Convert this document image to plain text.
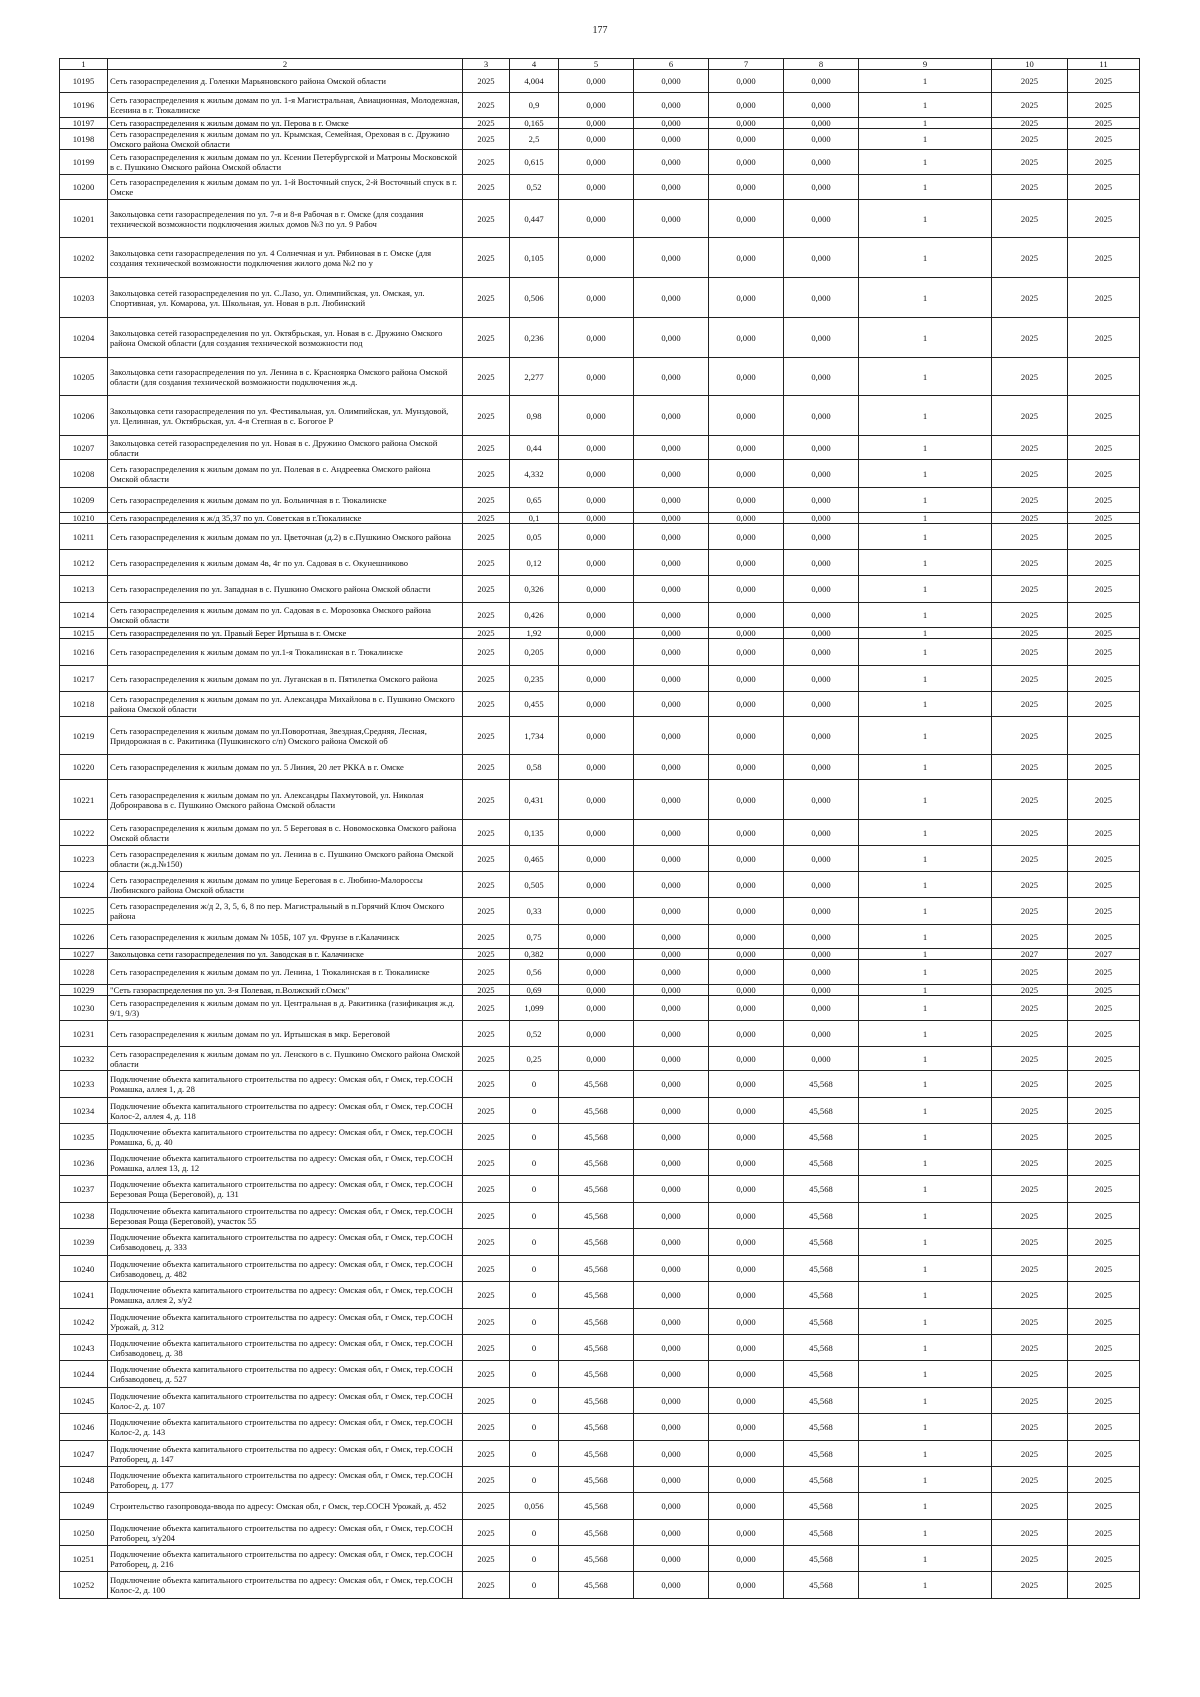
177
1	2	3	4	5	6	7	8	9	10	11
10195	Сеть газораспределения д. Голенки Марьяновского района Омской области	2025	4,004	0,000	0,000	0,000	0,000	1	2025	2025
10196	Сеть газораспределения к жилым домам по ул. 1-я Магистральная, Авиационная, Молодежная, Есенина в г. Тюкалинске	2025	0,9	0,000	0,000	0,000	0,000	1	2025	2025
10197	Сеть газораспределения к жилым домам по ул. Перова в г. Омске	2025	0,165	0,000	0,000	0,000	0,000	1	2025	2025
10198	Сеть газораспределения к жилым домам по ул. Крымская, Семейная, Ореховая в с. Дружино Омского района Омской области	2025	2,5	0,000	0,000	0,000	0,000	1	2025	2025
10199	Сеть газораспределения к жилым домам по ул. Ксении Петербургской и Матроны Московской в с. Пушкино Омского района Омской области	2025	0,615	0,000	0,000	0,000	0,000	1	2025	2025
10200	Сеть газораспределения к жилым домам по ул. 1-й Восточный спуск, 2-й Восточный спуск в г. Омске	2025	0,52	0,000	0,000	0,000	0,000	1	2025	2025
10201	Закольцовка сети газораспределения по ул. 7-я и 8-я Рабочая в г. Омске (для создания технической возможности подключения жилых домов №3 по ул. 9 Рабоч	2025	0,447	0,000	0,000	0,000	0,000	1	2025	2025
10202	Закольцовка сети газораспределения по ул. 4 Солнечная и ул. Рябиновая в г. Омске (для создания технической возможности подключения жилого дома №2 по у	2025	0,105	0,000	0,000	0,000	0,000	1	2025	2025
10203	Закольцовка сетей газораспределения по ул. С.Лазо, ул. Олимпийская, ул. Омская, ул. Спортивная, ул. Комарова, ул. Школьная, ул. Новая в р.п. Любинский	2025	0,506	0,000	0,000	0,000	0,000	1	2025	2025
10204	Закольцовка сетей газораспределения по ул. Октябрьская, ул. Новая в с. Дружино Омского района Омской области (для создания технической возможности под	2025	0,236	0,000	0,000	0,000	0,000	1	2025	2025
10205	Закольцовка сети газораспределения по ул. Ленина в с. Красноярка Омского района Омской области (для создания технической возможности подключения ж.д.	2025	2,277	0,000	0,000	0,000	0,000	1	2025	2025
10206	Закольцовка сети газораспределения по ул. Фестивальная, ул. Олимпийская, ул. Мунздовой, ул. Целинная, ул. Октябрьская, ул. 4-я Степная в с. Богогое Р	2025	0,98	0,000	0,000	0,000	0,000	1	2025	2025
10207	Закольцовка сетей газораспределения по ул. Новая в с. Дружино Омского района Омской области	2025	0,44	0,000	0,000	0,000	0,000	1	2025	2025
10208	Сеть газораспределения к жилым домам по ул. Полевая в с. Андреевка Омского района Омской области	2025	4,332	0,000	0,000	0,000	0,000	1	2025	2025
10209	Сеть газораспределения к жилым домам по ул. Больничная в г. Тюкалинске	2025	0,65	0,000	0,000	0,000	0,000	1	2025	2025
10210	Сеть газораспределения к ж/д 35,37 по ул. Советская в г.Тюкалинске	2025	0,1	0,000	0,000	0,000	0,000	1	2025	2025
10211	Сеть газораспределения к жилым домам по ул. Цветочная (д.2) в с.Пушкино Омского района	2025	0,05	0,000	0,000	0,000	0,000	1	2025	2025
10212	Сеть газораспределения к жилым домам 4в, 4г по ул. Садовая в с. Окунешниково	2025	0,12	0,000	0,000	0,000	0,000	1	2025	2025
10213	Сеть газораспределения по ул. Западная в с. Пушкино Омского района Омской области	2025	0,326	0,000	0,000	0,000	0,000	1	2025	2025
10214	Сеть газораспределения к жилым домам по ул. Садовая в с. Морозовка Омского района Омской области	2025	0,426	0,000	0,000	0,000	0,000	1	2025	2025
10215	Сеть газораспределения по ул. Правый Берег Иртыша в г. Омске	2025	1,92	0,000	0,000	0,000	0,000	1	2025	2025
10216	Сеть газораспределения к жилым домам по ул.1-я Тюкалинская в г. Тюкалинске	2025	0,205	0,000	0,000	0,000	0,000	1	2025	2025
10217	Сеть газораспределения к жилым домам по ул. Луганская в п. Пятилетка Омского района	2025	0,235	0,000	0,000	0,000	0,000	1	2025	2025
10218	Сеть газораспределения к жилым домам по ул. Александра Михайлова в с. Пушкино Омского района Омской области	2025	0,455	0,000	0,000	0,000	0,000	1	2025	2025
10219	Сеть газораспределения к жилым домам по ул.Поворотная, Звездная,Средняя, Лесная, Придорожная в с. Ракитинка (Пушкинского с/п) Омского района Омской об	2025	1,734	0,000	0,000	0,000	0,000	1	2025	2025
10220	Сеть газораспределения к жилым домам по ул. 5 Линия, 20 лет РККА в г. Омске	2025	0,58	0,000	0,000	0,000	0,000	1	2025	2025
10221	Сеть газораспределения к жилым домам по ул. Александры Пахмутовой, ул. Николая Добронравова в с. Пушкино Омского района Омской области	2025	0,431	0,000	0,000	0,000	0,000	1	2025	2025
10222	Сеть газораспределения к жилым домам по ул. 5 Береговая в с. Новомосковка Омского района Омской области	2025	0,135	0,000	0,000	0,000	0,000	1	2025	2025
10223	Сеть газораспределения к жилым домам по ул. Ленина в с. Пушкино Омского района Омской области (ж.д.№150)	2025	0,465	0,000	0,000	0,000	0,000	1	2025	2025
10224	Сеть газораспределения к жилым домам по улице Береговая в с. Любино-Малороссы Любинского района Омской области	2025	0,505	0,000	0,000	0,000	0,000	1	2025	2025
10225	Сеть газораспределения ж/д 2, 3, 5, 6, 8 по пер. Магистральный в п.Горячий Ключ Омского района	2025	0,33	0,000	0,000	0,000	0,000	1	2025	2025
10226	Сеть газораспределения к жилым домам № 105Б, 107 ул. Фрунзе в г.Калачинск	2025	0,75	0,000	0,000	0,000	0,000	1	2025	2025
10227	Закольцовка сети газораспределения по ул. Заводская в г. Калачинске	2025	0,382	0,000	0,000	0,000	0,000	1	2027	2027
10228	Сеть газораспределения к жилым домам по ул. Ленина, 1 Тюкалинская в г. Тюкалинске	2025	0,56	0,000	0,000	0,000	0,000	1	2025	2025
10229	"Сеть газораспределения по ул. 3-я Полевая, п.Волжский г.Омск"	2025	0,69	0,000	0,000	0,000	0,000	1	2025	2025
10230	Сеть газораспределения к жилым домам по ул. Центральная в д. Ракитинка (газификация ж.д. 9/1, 9/3)	2025	1,099	0,000	0,000	0,000	0,000	1	2025	2025
10231	Сеть газораспределения к жилым домам по ул. Иртышская в мкр. Береговой	2025	0,52	0,000	0,000	0,000	0,000	1	2025	2025
10232	Сеть газораспределения к жилым домам по ул. Ленского в с. Пушкино Омского района Омской области	2025	0,25	0,000	0,000	0,000	0,000	1	2025	2025
10233	Подключение объекта капитального строительства по адресу: Омская обл, г Омск, тер.СОСН Ромашка, аллея 1, д. 28	2025	0	45,568	0,000	0,000	45,568	1	2025	2025
10234	Подключение объекта капитального строительства по адресу: Омская обл, г Омск, тер.СОСН Колос-2, аллея 4, д. 118	2025	0	45,568	0,000	0,000	45,568	1	2025	2025
10235	Подключение объекта капитального строительства по адресу: Омская обл, г Омск, тер.СОСН Ромашка, 6, д. 40	2025	0	45,568	0,000	0,000	45,568	1	2025	2025
10236	Подключение объекта капитального строительства по адресу: Омская обл, г Омск, тер.СОСН Ромашка, аллея 13, д. 12	2025	0	45,568	0,000	0,000	45,568	1	2025	2025
10237	Подключение объекта капитального строительства по адресу: Омская обл, г Омск, тер.СОСН Березовая Роща (Береговой), д. 131	2025	0	45,568	0,000	0,000	45,568	1	2025	2025
10238	Подключение объекта капитального строительства по адресу: Омская обл, г Омск, тер.СОСН Березовая Роща (Береговой), участок 55	2025	0	45,568	0,000	0,000	45,568	1	2025	2025
10239	Подключение объекта капитального строительства по адресу: Омская обл, г Омск, тер.СОСН Сибзаводовец, д. 333	2025	0	45,568	0,000	0,000	45,568	1	2025	2025
10240	Подключение объекта капитального строительства по адресу: Омская обл, г Омск, тер.СОСН Сибзаводовец, д. 482	2025	0	45,568	0,000	0,000	45,568	1	2025	2025
10241	Подключение объекта капитального строительства по адресу: Омская обл, г Омск, тер.СОСН Ромашка, аллея 2, з/у2	2025	0	45,568	0,000	0,000	45,568	1	2025	2025
10242	Подключение объекта капитального строительства по адресу: Омская обл, г Омск, тер.СОСН Урожай, д. 312	2025	0	45,568	0,000	0,000	45,568	1	2025	2025
10243	Подключение объекта капитального строительства по адресу: Омская обл, г Омск, тер.СОСН Сибзаводовец, д. 38	2025	0	45,568	0,000	0,000	45,568	1	2025	2025
10244	Подключение объекта капитального строительства по адресу: Омская обл, г Омск, тер.СОСН Сибзаводовец, д. 527	2025	0	45,568	0,000	0,000	45,568	1	2025	2025
10245	Подключение объекта капитального строительства по адресу: Омская обл, г Омск, тер.СОСН Колос-2, д. 107	2025	0	45,568	0,000	0,000	45,568	1	2025	2025
10246	Подключение объекта капитального строительства по адресу: Омская обл, г Омск, тер.СОСН Колос-2, д. 143	2025	0	45,568	0,000	0,000	45,568	1	2025	2025
10247	Подключение объекта капитального строительства по адресу: Омская обл, г Омск, тер.СОСН Ратоборец, д. 147	2025	0	45,568	0,000	0,000	45,568	1	2025	2025
10248	Подключение объекта капитального строительства по адресу: Омская обл, г Омск, тер.СОСН Ратоборец, д. 177	2025	0	45,568	0,000	0,000	45,568	1	2025	2025
10249	Строительство газопровода-ввода по адресу: Омская обл, г Омск, тер.СОСН Урожай, д. 452	2025	0,056	45,568	0,000	0,000	45,568	1	2025	2025
10250	Подключение объекта капитального строительства по адресу: Омская обл, г Омск, тер.СОСН Ратоборец, з/у204	2025	0	45,568	0,000	0,000	45,568	1	2025	2025
10251	Подключение объекта капитального строительства по адресу: Омская обл, г Омск, тер.СОСН Ратоборец, д. 216	2025	0	45,568	0,000	0,000	45,568	1	2025	2025
10252	Подключение объекта капитального строительства по адресу: Омская обл, г Омск, тер.СОСН Колос-2, д. 100	2025	0	45,568	0,000	0,000	45,568	1	2025	2025
